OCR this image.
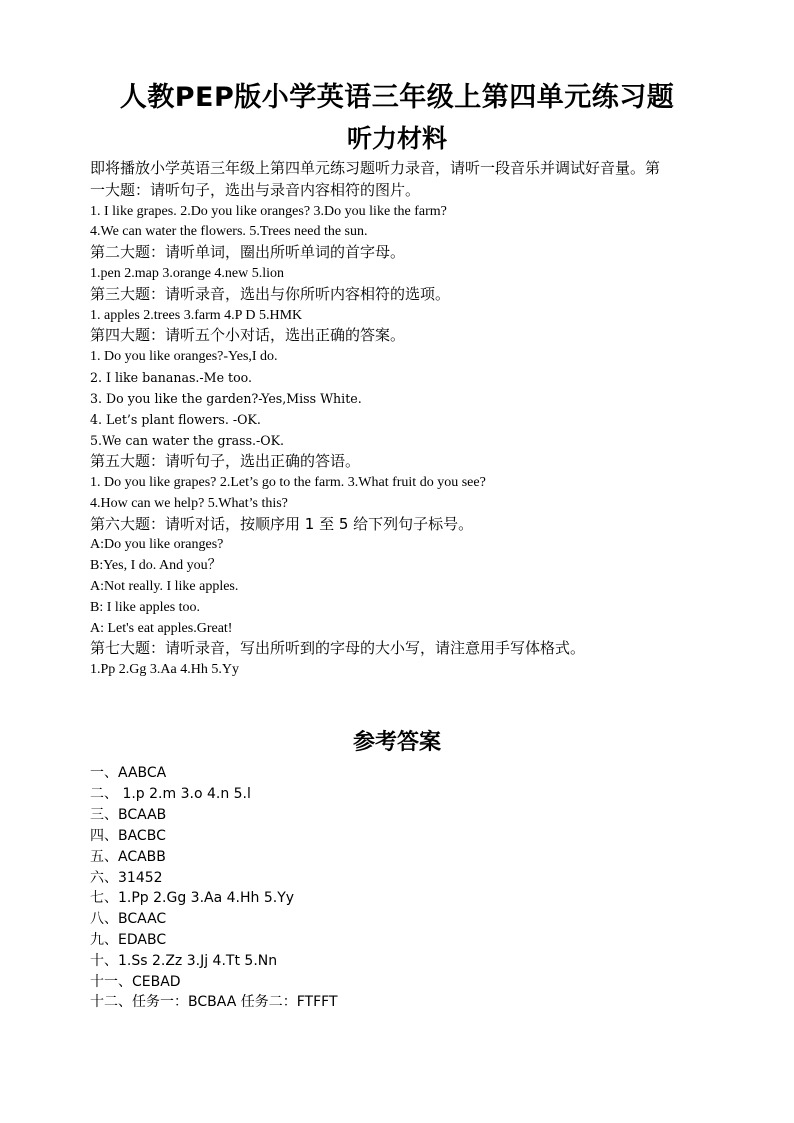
人教PEP版小学英语三年级上第四单元练习题
听力材料
即将播放小学英语三年级上第四单元练习题听力录音，请听一段音乐并调试好音量。第
一大题：请听句子，选出与录音内容相符的图片。
1. I like grapes. 2.Do you like oranges? 3.Do you like the farm?
4.We can water the flowers. 5.Trees need the sun.
第二大题：请听单词，圈出所听单词的首字母。
1.pen 2.map 3.orange 4.new 5.lion
第三大题：请听录音，选出与你所听内容相符的选项。
1. apples 2.trees 3.farm 4.P D 5.HMK
第四大题：请听五个小对话，选出正确的答案。
1. Do you like oranges?-Yes,I do.
2. I like bananas.-Me too.
3. Do you like the garden?-Yes,Miss White.
4. Let’s plant flowers. -OK.
5.We can water the grass.-OK.
第五大题：请听句子，选出正确的答语。
1. Do you like grapes? 2.Let’s go to the farm. 3.What fruit do you see?
4.How can we help? 5.What’s this?
第六大题：请听对话，按顺序用 1 至 5 给下列句子标号。
A:Do you like oranges?
B:Yes, I do. And you？
A:Not really. I like apples.
B: I like apples too.
A: Let's eat apples.Great!
第七大题：请听录音，写出所听到的字母的大小写，请注意用手写体格式。
1.Pp 2.Gg 3.Aa 4.Hh 5.Yy
参考答案
一、AABCA
二、 1.p 2.m 3.o 4.n 5.l
三、BCAAB
四、BACBC
五、ACABB
六、31452
七、1.Pp 2.Gg 3.Aa 4.Hh 5.Yy
八、BCAAC
九、EDABC
十、1.Ss 2.Zz 3.Jj 4.Tt 5.Nn
十一、CEBAD
十二、任务一：BCBAA 任务二：FTFFT
